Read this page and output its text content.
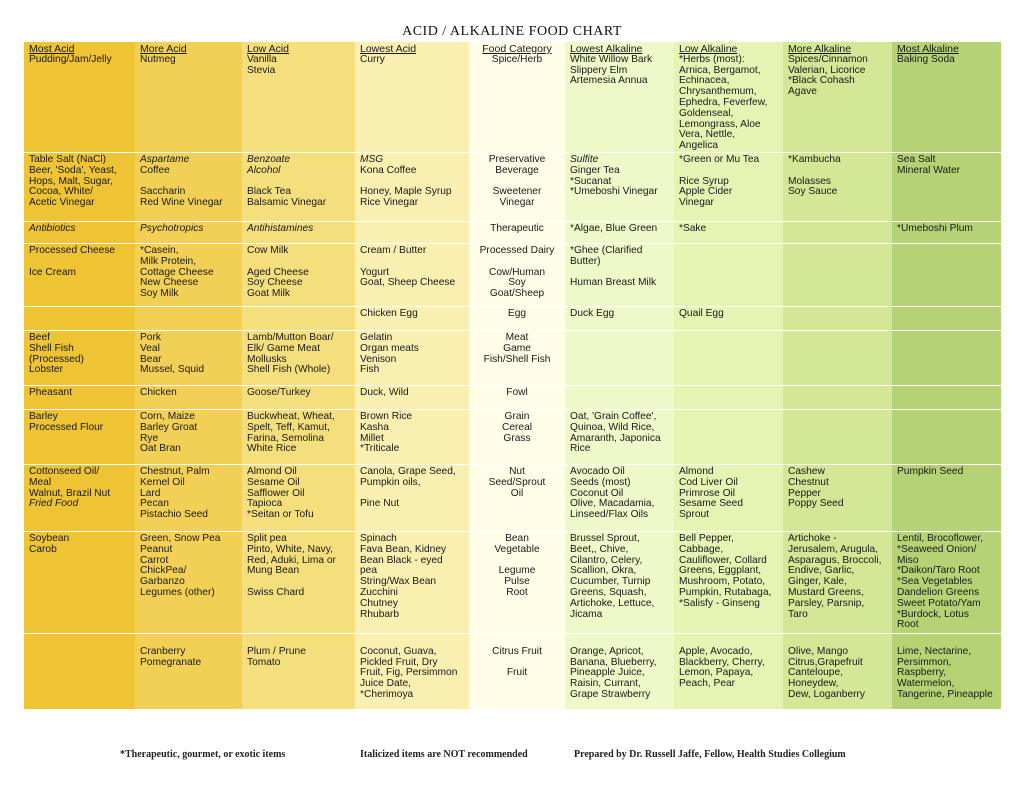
ACID / ALKALINE FOOD CHART
Most Acid
Pudding/Jam/Jelly
Table Salt (NaCl)
Beer, 'Soda', Yeast,
Hops, Malt, Sugar,
Cocoa, White/
Acetic Vinegar
Antibiotics
Processed Cheese

Ice Cream
Beef
Shell Fish
(Processed)
Lobster
Pheasant
Barley
Processed Flour
Cottonseed Oil/
Meal
Walnut, Brazil Nut
Fried Food
Soybean
Carob
More Acid
Nutmeg
Aspartame
Coffee

Saccharin
Red Wine Vinegar
Psychotropics
*Casein,
Milk Protein,
Cottage Cheese
New Cheese
Soy Milk
Pork
Veal
Bear
Mussel, Squid
Chicken
Corn, Maize
Barley Groat
Rye
Oat Bran
Chestnut, Palm
Kernel Oil
Lard
Pecan
Pistachio Seed
Green, Snow Pea
Peanut
Carrot
ChickPea/
Garbanzo
Legumes (other)

Cranberry
Pomegranate
Low Acid
Vanilla
Stevia
Benzoate
Alcohol

Black Tea
Balsamic Vinegar
Antihistamines
Cow Milk

Aged Cheese
Soy Cheese
Goat Milk
Lamb/Mutton Boar/
Elk/ Game Meat
Mollusks
Shell Fish (Whole)
Goose/Turkey
Buckwheat, Wheat,
Spelt, Teff, Kamut,
Farina, Semolina
White Rice
Almond Oil
Sesame Oil
Safflower Oil
Tapioca
*Seitan or Tofu
Split pea
Pinto, White, Navy,
Red, Aduki, Lima or
Mung Bean

Swiss Chard

Plum / Prune
Tomato
Lowest Acid
Curry
MSG
Kona Coffee

Honey, Maple Syrup
Rice Vinegar
Cream / Butter

Yogurt
Goat, Sheep Cheese
Chicken Egg
Gelatin
Organ meats
Venison
Fish
Duck, Wild
Brown Rice
Kasha
Millet
*Triticale
Canola, Grape Seed,
Pumpkin oils,

Pine Nut
Spinach
Fava Bean, Kidney
Bean Black - eyed
pea
String/Wax Bean
Zucchini
Chutney
Rhubarb

Coconut, Guava,
Pickled Fruit, Dry
Fruit, Fig, Persimmon
Juice Date,
*Cherimoya
Food Category
Spice/Herb
Preservative
Beverage

Sweetener
Vinegar
Therapeutic
Processed Dairy

Cow/Human
Soy
Goat/Sheep
Egg
Meat
Game
Fish/Shell Fish
Fowl
Grain
Cereal
Grass
Nut
Seed/Sprout
Oil
Bean
Vegetable

Legume
Pulse
Root

Citrus Fruit

Fruit
Lowest Alkaline
White Willow Bark
Slippery Elm
Artemesia Annua
Sulfite
Ginger Tea
*Sucanat
*Umeboshi Vinegar
*Algae, Blue Green
*Ghee (Clarified
Butter)

Human Breast Milk
Duck Egg
Oat, 'Grain Coffee',
Quinoa, Wild Rice,
Amaranth, Japonica
Rice
Avocado Oil
Seeds (most)
Coconut Oil
Olive, Macadamia,
Linseed/Flax Oils
Brussel Sprout,
Beet,, Chive,
Cilantro, Celery,
Scallion, Okra,
Cucumber, Turnip
Greens, Squash,
Artichoke, Lettuce,
Jicama

Orange, Apricot,
Banana, Blueberry,
Pineapple Juice,
Raisin, Currant,
Grape Strawberry
Low Alkaline
*Herbs (most):
Arnica, Bergamot,
Echinacea,
Chrysanthemum,
Ephedra, Feverfew,
Goldenseal,
Lemongrass, Aloe
Vera, Nettle,
Angelica
*Green or Mu Tea

Rice Syrup
Apple Cider
Vinegar
*Sake
Quail Egg
Almond
Cod Liver Oil
Primrose Oil
Sesame Seed
Sprout
Bell Pepper,
Cabbage,
Cauliflower, Collard
Greens, Eggplant,
Mushroom, Potato,
Pumpkin, Rutabaga,
*Salisfy - Ginseng

Apple, Avocado,
Blackberry, Cherry,
Lemon, Papaya,
Peach, Pear
More Alkaline
Spices/Cinnamon
Valerian, Licorice
*Black Cohash
Agave
*Kambucha

Molasses
Soy Sauce
Cashew
Chestnut
Pepper
Poppy Seed
Artichoke -
Jerusalem, Arugula,
Asparagus, Broccoli,
Endive, Garlic,
Ginger, Kale,
Mustard Greens,
Parsley, Parsnip,
Taro

Olive, Mango
Citrus,Grapefruit
Canteloupe,
Honeydew,
Dew, Loganberry
Most Alkaline
Baking Soda
Sea Salt
Mineral Water
*Umeboshi Plum
Pumpkin Seed
Lentil, Brocoflower,
*Seaweed Onion/
Miso
*Daikon/Taro Root
*Sea Vegetables
Dandelion Greens
Sweet Potato/Yam
*Burdock, Lotus
Root

Lime, Nectarine,
Persimmon,
Raspberry,
Watermelon,
Tangerine, Pineapple
*Therapeutic, gourmet, or exotic items	Italicized items are NOT recommended	Prepared by Dr. Russell Jaffe, Fellow, Health Studies Collegium
